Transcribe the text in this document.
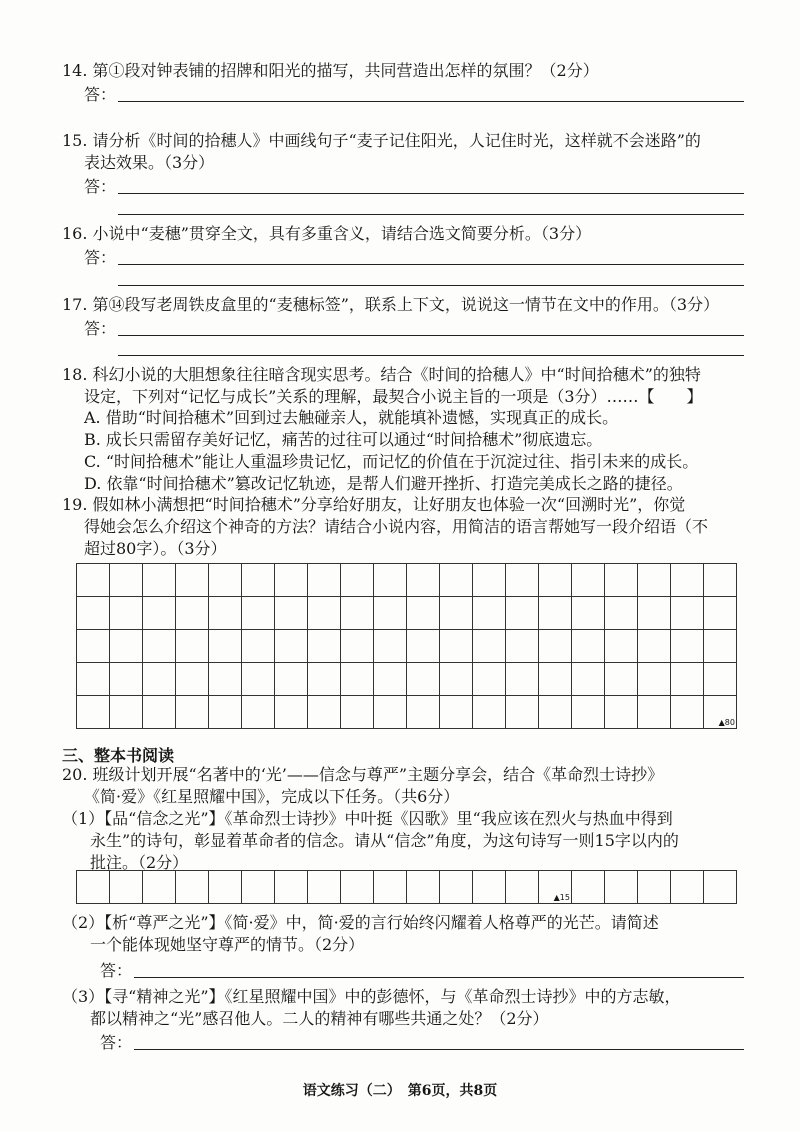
14. 第①段对钟表铺的招牌和阳光的描写，共同营造出怎样的氛围？（2分）

答：

15. 请分析《时间的拾穗人》中画线句子“麦子记住阳光，人记住时光，这样就不会迷路”的

表达效果。（3分）

答：

16. 小说中“麦穗”贯穿全文，具有多重含义，请结合选文简要分析。（3分）

答：

17. 第⑭段写老周铁皮盒里的“麦穗标签”，联系上下文，说说这一情节在文中的作用。（3分）

答：

18. 科幻小说的大胆想象往往暗含现实思考。结合《时间的拾穗人》中“时间拾穗术”的独特

设定，下列对“记忆与成长”关系的理解，最契合小说主旨的一项是（3分）……【　　】

A. 借助“时间拾穗术”回到过去触碰亲人，就能填补遗憾，实现真正的成长。
B. 成长只需留存美好记忆，痛苦的过往可以通过“时间拾穗术”彻底遗忘。
C. “时间拾穗术”能让人重温珍贵记忆，而记忆的价值在于沉淀过往、指引未来的成长。
D. 依靠“时间拾穗术”篡改记忆轨迹，是帮人们避开挫折、打造完美成长之路的捷径。

19. 假如林小满想把“时间拾穗术”分享给好朋友，让好朋友也体验一次“回溯时光”，你觉

得她会怎么介绍这个神奇的方法？请结合小说内容，用简洁的语言帮她写一段介绍语（不

超过80字）。（3分）

																			▲80
三、整本书阅读

20. 班级计划开展“名著中的‘光’——信念与尊严”主题分享会，结合《革命烈士诗抄》

《简·爱》《红星照耀中国》，完成以下任务。（共6分）

（1）【品“信念之光”】《革命烈士诗抄》中叶挺《囚歌》里“我应该在烈火与热血中得到

永生”的诗句，彰显着革命者的信念。请从“信念”角度，为这句诗写一则15字以内的

批注。（2分）

▲15

（2）【析“尊严之光”】《简·爱》中，简·爱的言行始终闪耀着人格尊严的光芒。请简述

一个能体现她坚守尊严的情节。（2分）

答：

（3）【寻“精神之光”】《红星照耀中国》中的彭德怀，与《革命烈士诗抄》中的方志敏，

都以精神之“光”感召他人。二人的精神有哪些共通之处？（2分）

答：
语文练习（二）　第6页，共8页
